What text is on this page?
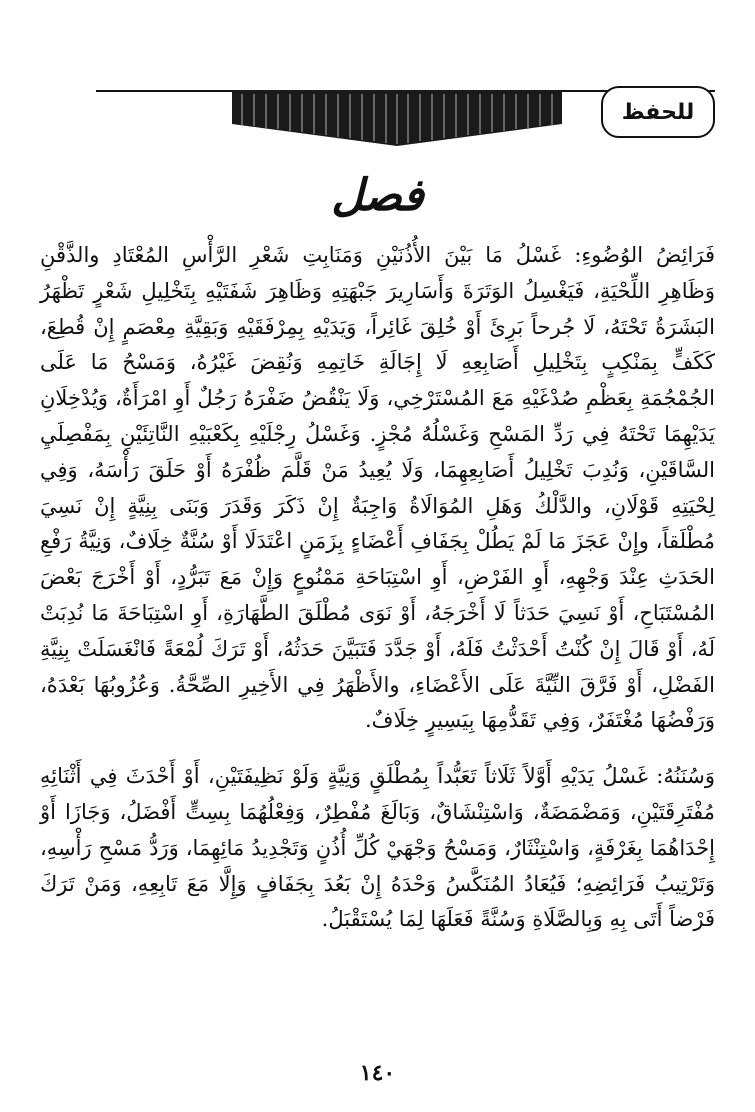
للحفظ
فصل

فَرَائِضُ الوُضُوءِ: غَسْلُ مَا بَيْنَ الأُذُنَيْنِ وَمَنَابِتِ شَعْرِ الرَّأْسِ المُعْتَادِ والذَّقْنِ وَظَاهِرِ اللِّحْيَةِ، فَيَغْسِلُ الوَتَرَةَ وَأَسَارِيرَ جَبْهَتِهِ وَظَاهِرَ شَفَتَيْهِ بِتَخْلِيلِ شَعْرٍ تَظْهَرُ البَشَرَةُ تَحْتَهُ، لَا جُرحاً بَرِئَ أَوْ خُلِقَ غَائِراً، وَيَدَيْهِ بِمِرْفَقَيْهِ وَبَقِيَّةِ مِعْصَمٍ إِنْ قُطِعَ، كَكَفٍّ بِمَنْكِبٍ بِتَخْلِيلِ أَصَابِعِهِ لَا إِجَالَةِ خَاتِمِهِ وَنُقِضَ غَيْرُهُ، وَمَسْحُ مَا عَلَى الجُمْجُمَةِ بِعَظْمِ صُدْغَيْهِ مَعَ المُسْتَرْخِي، وَلَا يَنْقُضُ ضَفْرَهُ رَجُلٌ أَوِ امْرَأَةٌ، وَيُدْخِلَانِ يَدَيْهِمَا تَحْتَهُ فِي رَدِّ المَسْحِ وَغَسْلُهُ مُجْزٍ. وَغَسْلُ رِجْلَيْهِ بِكَعْبَيْهِ النَّاتِئَيْنِ بِمَفْصِلَيِ السَّاقَيْنِ، وَنُدِبَ تَخْلِيلُ أَصَابِعِهِمَا، وَلَا يُعِيدُ مَنْ قَلَّمَ ظُفْرَهُ أَوْ حَلَقَ رَأْسَهُ، وَفِي لِحْيَتِهِ قَوْلَانِ، والدَّلْكُ وَهَلِ المُوَالَاةُ وَاجِبَةٌ إِنْ ذَكَرَ وَقَدَرَ وَبَنَى بِنِيَّةٍ إِنْ نَسِيَ مُطْلَقاً، وإِنْ عَجَزَ مَا لَمْ يَطُلْ بِجَفَافِ أَعْضَاءٍ بِزَمَنٍ اعْتَدَلَا أَوْ سُنَّةٌ خِلَافٌ، وَنِيَّةُ رَفْعِ الحَدَثِ عِنْدَ وَجْهِهِ، أَوِ الفَرْضِ، أَوِ اسْتِبَاحَةِ مَمْنُوعٍ وَإِنْ مَعَ تَبَرُّدٍ، أَوْ أَخْرَجَ بَعْضَ المُسْتَبَاحِ، أَوْ نَسِيَ حَدَثاً لَا أَخْرَجَهُ، أَوْ نَوَى مُطْلَقَ الطَّهَارَةِ، أَوِ اسْتِبَاحَةَ مَا نُدِبَتْ لَهُ، أَوْ قَالَ إِنْ كُنْتُ أَحْدَثْتُ فَلَهُ، أَوْ جَدَّدَ فَتَبَيَّنَ حَدَثُهُ، أَوْ تَرَكَ لُمْعَةً فَانْغَسَلَتْ بِنِيَّةِ الفَضْلِ، أَوْ فَرَّقَ النِّيَّةَ عَلَى الأَعْضَاءِ، والأَظْهَرُ فِي الأَخِيرِ الصِّحَّةُ. وَعُزُوبُهَا بَعْدَهُ، وَرَفْضُهَا مُغْتَفَرٌ، وَفِي تَقَدُّمِهَا بِيَسِيرٍ خِلَافٌ.

وَسُنَنُهُ: غَسْلُ يَدَيْهِ أَوَّلاً ثَلَاثاً تَعَبُّداً بِمُطْلَقٍ وَنِيَّةٍ وَلَوْ نَظِيفَتَيْنِ، أَوْ أَحْدَثَ فِي أَثْنَائِهِ مُفْتَرِقَتَيْنِ، وَمَضْمَضَةٌ، وَاسْتِنْشَاقٌ، وَبَالَغَ مُفْطِرٌ، وَفِعْلُهُمَا بِسِتٍّ أَفْضَلُ، وَجَازَا أَوْ إِحْدَاهُمَا بِغَرْفَةٍ، وَاسْتِنْثَارٌ، وَمَسْحُ وَجْهَيْ كُلِّ أُذُنٍ وَتَجْدِيدُ مَائِهِمَا، وَرَدُّ مَسْحِ رَأْسِهِ، وَتَرْتِيبُ فَرَائِضِهِ؛ فَيُعَادُ المُنَكَّسُ وَحْدَهُ إِنْ بَعُدَ بِجَفَافٍ وَإِلَّا مَعَ تَابِعِهِ، وَمَنْ تَرَكَ فَرْضاً أَتَى بِهِ وَبِالصَّلَاةِ وَسُنَّةً فَعَلَهَا لِمَا يُسْتَقْبَلُ.

١٤٠
